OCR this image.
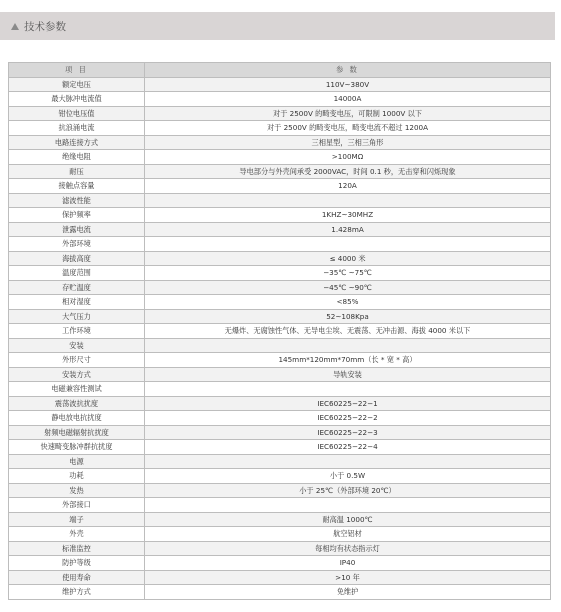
技术参数
项 目	参 数
额定电压	110V~380V
最大脉冲电流值	14000A
钳位电压值	对于 2500V 的畸变电压，可限制 1000V 以下
抗浪涌电流	对于 2500V 的畸变电压，畸变电流不超过 1200A
电路连接方式	三相星型，三相三角形
绝缘电阻	>100MΩ
耐压	导电部分与外壳间承受 2000VAC，时间 0.1 秒，无击穿和闪烁现象
接触点容量	120A
滤波性能	
保护频率	1KHZ~30MHZ
泄露电流	1.428mA
外部环境	
海拔高度	≤ 4000 米
温度范围	−35℃ ~75℃
存贮温度	−45℃ ~90℃
相对湿度	<85%
大气压力	52~108Kpa
工作环境	无爆炸、无腐蚀性气体、无导电尘埃、无震荡、无冲击源、海拔 4000 米以下
安装	
外形尺寸	145mm*120mm*70mm（长 * 宽 * 高）
安装方式	导轨安装
电磁兼容性测试	
震荡波抗扰度	IEC60225−22−1
静电放电抗扰度	IEC60225−22−2
射频电磁辐射抗扰度	IEC60225−22−3
快速畸变脉冲群抗扰度	IEC60225−22−4
电源	
功耗	小于 0.5W
发热	小于 25℃（外部环境 20℃）
外部接口	
端子	耐高温 1000℃
外壳	航空铝材
标准监控	每相均有状态指示灯
防护等级	IP40
使用寿命	>10 年
维护方式	免维护
